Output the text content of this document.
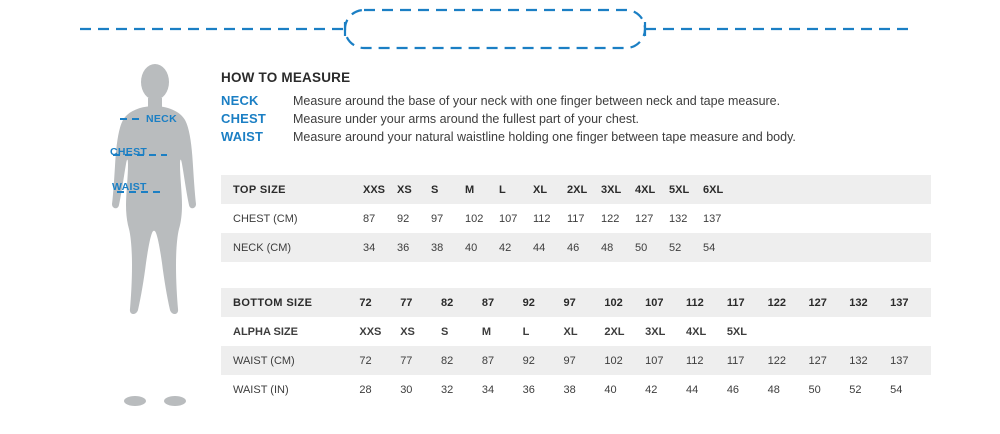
NECK
CHEST
WAIST
HOW TO MEASURE
NECK	Measure around the base of your neck with one finger between neck and tape measure.
CHEST	Measure under your arms around the fullest part of your chest.
WAIST	Measure around your natural waistline holding one finger between tape measure and body.
TOP SIZE	XXS	XS	S	M	L	XL	2XL	3XL	4XL	5XL	6XL	
CHEST (CM)	87	92	97	102	107	112	117	122	127	132	137	
NECK (CM)	34	36	38	40	42	44	46	48	50	52	54	
BOTTOM SIZE	72	77	82	87	92	97	102	107	112	117	122	127	132	137
ALPHA SIZE	XXS	XS	S	M	L	XL	2XL	3XL	4XL	5XL				
WAIST (CM)	72	77	82	87	92	97	102	107	112	117	122	127	132	137
WAIST (IN)	28	30	32	34	36	38	40	42	44	46	48	50	52	54
